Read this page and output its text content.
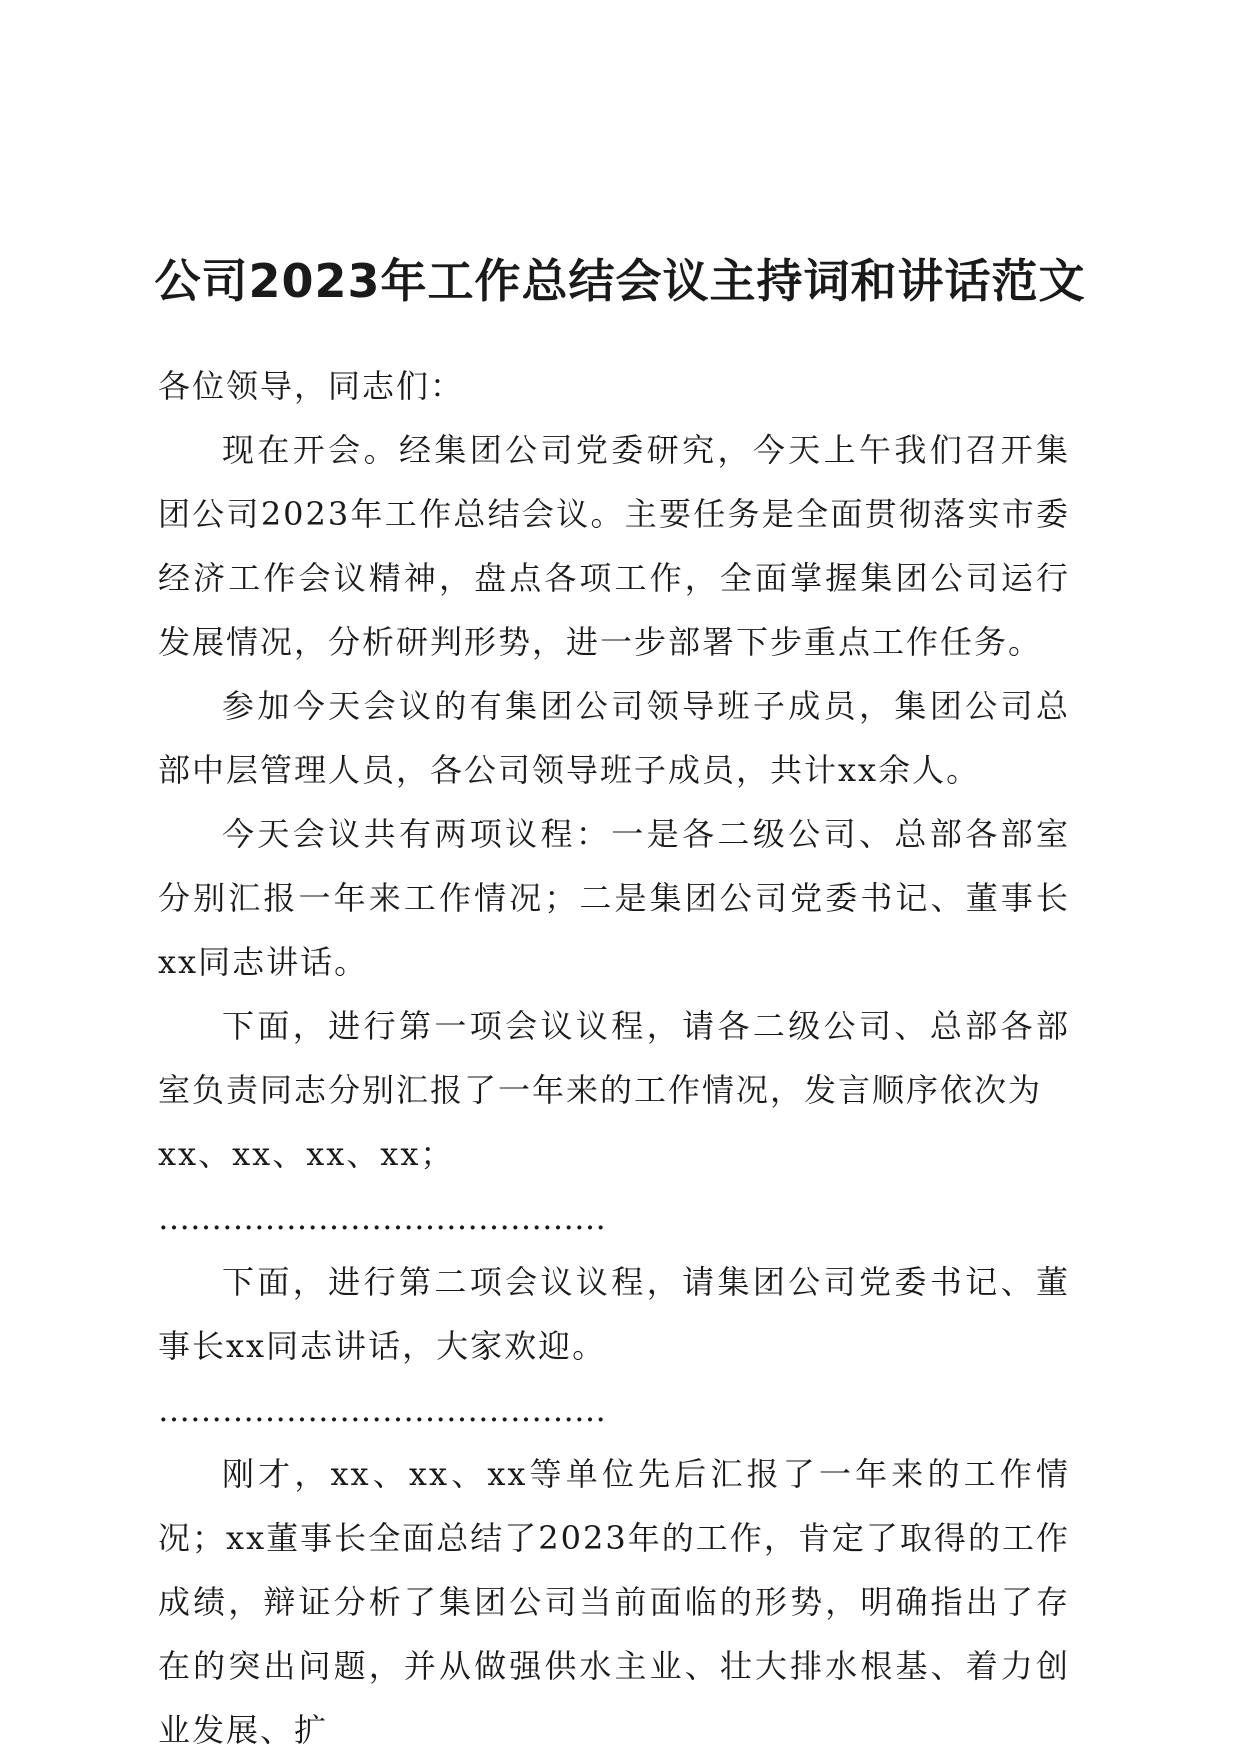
公司2023年工作总结会议主持词和讲话范文

各位领导，同志们：

现在开会。经集团公司党委研究，今天上午我们召开集团公司2023年工作总结会议。主要任务是全面贯彻落实市委经济工作会议精神，盘点各项工作，全面掌握集团公司运行发展情况，分析研判形势，进一步部署下步重点工作任务。

参加今天会议的有集团公司领导班子成员，集团公司总部中层管理人员，各公司领导班子成员，共计xx余人。

今天会议共有两项议程：一是各二级公司、总部各部室分别汇报一年来工作情况；二是集团公司党委书记、董事长xx同志讲话。

下面，进行第一项会议议程，请各二级公司、总部各部室负责同志分别汇报了一年来的工作情况，发言顺序依次为

xx、xx、xx、xx；

……………………………………

下面，进行第二项会议议程，请集团公司党委书记、董事长xx同志讲话，大家欢迎。

……………………………………

刚才，xx、xx、xx等单位先后汇报了一年来的工作情况；xx董事长全面总结了2023年的工作，肯定了取得的工作成绩，辩证分析了集团公司当前面临的形势，明确指出了存在的突出问题，并从做强供水主业、壮大排水根基、着力创业发展、扩
